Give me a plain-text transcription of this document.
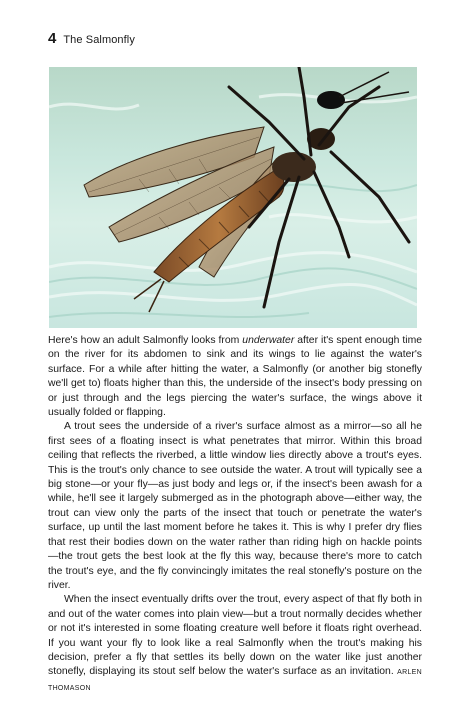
4 The Salmonfly

Here's how an adult Salmonfly looks from underwater after it's spent enough time on the river for its abdomen to sink and its wings to lie against the water's surface. For a while after hitting the water, a Salmonfly (or another big stonefly we'll get to) floats higher than this, the underside of the insect's body pressing on or just through and the legs piercing the water's surface, the wings above it usually folded or flapping.

A trout sees the underside of a river's surface almost as a mirror—so all he first sees of a floating insect is what penetrates that mirror. Within this broad ceiling that reflects the riverbed, a little window lies directly above a trout's eyes. This is the trout's only chance to see outside the water. A trout will typically see a big stone—or your fly—as just body and legs or, if the insect's been awash for a while, he'll see it largely submerged as in the photograph above—either way, the trout can view only the parts of the insect that touch or penetrate the water's surface, up until the last moment before he takes it. This is why I prefer dry flies that rest their bodies down on the water rather than riding high on hackle points—the trout gets the best look at the fly this way, because there's more to catch the trout's eye, and the fly convincingly imitates the real stonefly's posture on the river.

When the insect eventually drifts over the trout, every aspect of that fly both in and out of the water comes into plain view—but a trout normally decides whether or not it's interested in some floating creature well before it floats right overhead. If you want your fly to look like a real Salmonfly when the trout's making his decision, prefer a fly that settles its belly down on the water like just another stonefly, displaying its stout self below the water's surface as an invitation. ARLEN THOMASON
